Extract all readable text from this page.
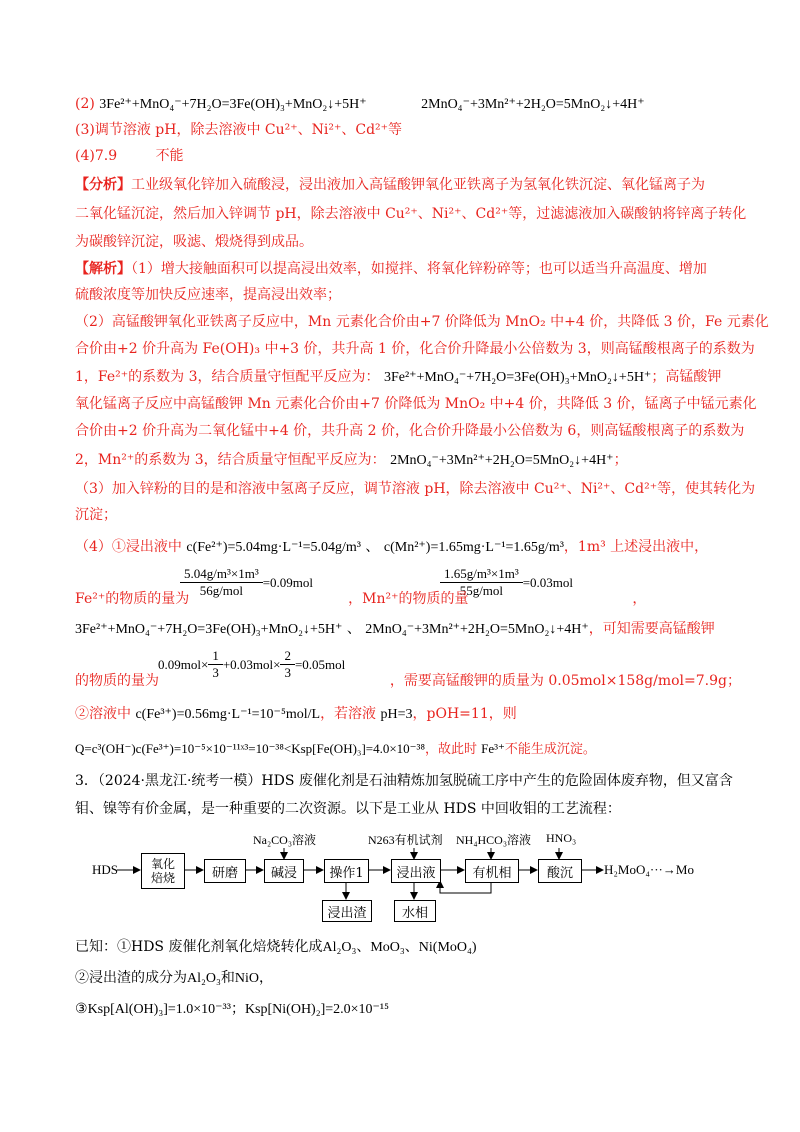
(2) 3Fe²⁺+MnO₄⁻+7H₂O=3Fe(OH)₃+MnO₂↓+5H⁺	2MnO₄⁻+3Mn²⁺+2H₂O=5MnO₂↓+4H⁺
(3)调节溶液 pH，除去溶液中 Cu²⁺、Ni²⁺、Cd²⁺等
(4)7.9	不能
【分析】工业级氧化锌加入硫酸浸，浸出液加入高锰酸钾氧化亚铁离子为氢氧化铁沉淀、氧化锰离子为
二氧化锰沉淀，然后加入锌调节 pH，除去溶液中 Cu²⁺、Ni²⁺、Cd²⁺等，过滤滤液加入碳酸钠将锌离子转化
为碳酸锌沉淀，吸滤、煅烧得到成品。
【解析】（1）增大接触面积可以提高浸出效率，如搅拌、将氧化锌粉碎等；也可以适当升高温度、增加
硫酸浓度等加快反应速率，提高浸出效率；
（2）高锰酸钾氧化亚铁离子反应中，Mn 元素化合价由+7 价降低为 MnO₂ 中+4 价，共降低 3 价，Fe 元素化
合价由+2 价升高为 Fe(OH)₃ 中+3 价，共升高 1 价，化合价升降最小公倍数为 3，则高锰酸根离子的系数为
1，Fe²⁺的系数为 3，结合质量守恒配平反应为： 3Fe²⁺+MnO₄⁻+7H₂O=3Fe(OH)₃+MnO₂↓+5H⁺；高锰酸钾
氧化锰离子反应中高锰酸钾 Mn 元素化合价由+7 价降低为 MnO₂ 中+4 价，共降低 3 价，锰离子中锰元素化
合价由+2 价升高为二氧化锰中+4 价，共升高 2 价，化合价升降最小公倍数为 6，则高锰酸根离子的系数为
2，Mn²⁺的系数为 3，结合质量守恒配平反应为： 2MnO₄⁻+3Mn²⁺+2H₂O=5MnO₂↓+4H⁺；
（3）加入锌粉的目的是和溶液中氢离子反应，调节溶液 pH，除去溶液中 Cu²⁺、Ni²⁺、Cd²⁺等，使其转化为
沉淀；
（4）①浸出液中 c(Fe²⁺)=5.04mg·L⁻¹=5.04g/m³ 、 c(Mn²⁺)=1.65mg·L⁻¹=1.65g/m³，1m³ 上述浸出液中，
$\frac{\text{5.04g/m³×1m³}}{\text{56g/mol}} =0.09mol$	$\frac{\text{1.65g/m³×1m³}}{\text{55g/mol}} =0.03mol$
Fe²⁺的物质的量为	，Mn²⁺的物质的量	，
3Fe²⁺+MnO₄⁻+7H₂O=3Fe(OH)₃+MnO₂↓+5H⁺ 、 2MnO₄⁻+3Mn²⁺+2H₂O=5MnO₂↓+4H⁺，可知需要高锰酸钾
$0.09mol\times \frac{1}{3} +0.03mol\times \frac{2}{3} =0.05mol$
的物质的量为	，需要高锰酸钾的质量为 0.05mol×158g/mol=7.9g；
②溶液中 c(Fe³⁺)=0.56mg·L⁻¹=10⁻⁵mol/L，若溶液 pH=3，pOH=11，则
Q=c³(OH⁻)c(Fe³⁺)=10⁻⁵×10⁻¹¹ˣ³=10⁻³⁸<Ksp[Fe(OH)₃]=4.0×10⁻³⁸，故此时 Fe³⁺不能生成沉淀。
3．（2024·黑龙江·统考一模）HDS 废催化剂是石油精炼加氢脱硫工序中产生的危险固体废弃物，但又富含
钼、镍等有价金属，是一种重要的二次资源。以下是工业从 HDS 中回收钼的工艺流程：
HDS	氧化焙烧	研磨	碱浸	操作1	浸出液	有机相	酸沉	H₂MoO₄···→Mo
Na₂CO₃溶液	N263有机试剂 NH₄HCO₃溶液 HNO₃
浸出渣	水相
已知：①HDS 废催化剂氧化焙烧转化成Al₂O₃、MoO₃、Ni(MoO₄)
②浸出渣的成分为Al₂O₃和NiO，
③Ksp[Al(OH)₃]=1.0×10⁻³³；Ksp[Ni(OH)₂]=2.0×10⁻¹⁵
